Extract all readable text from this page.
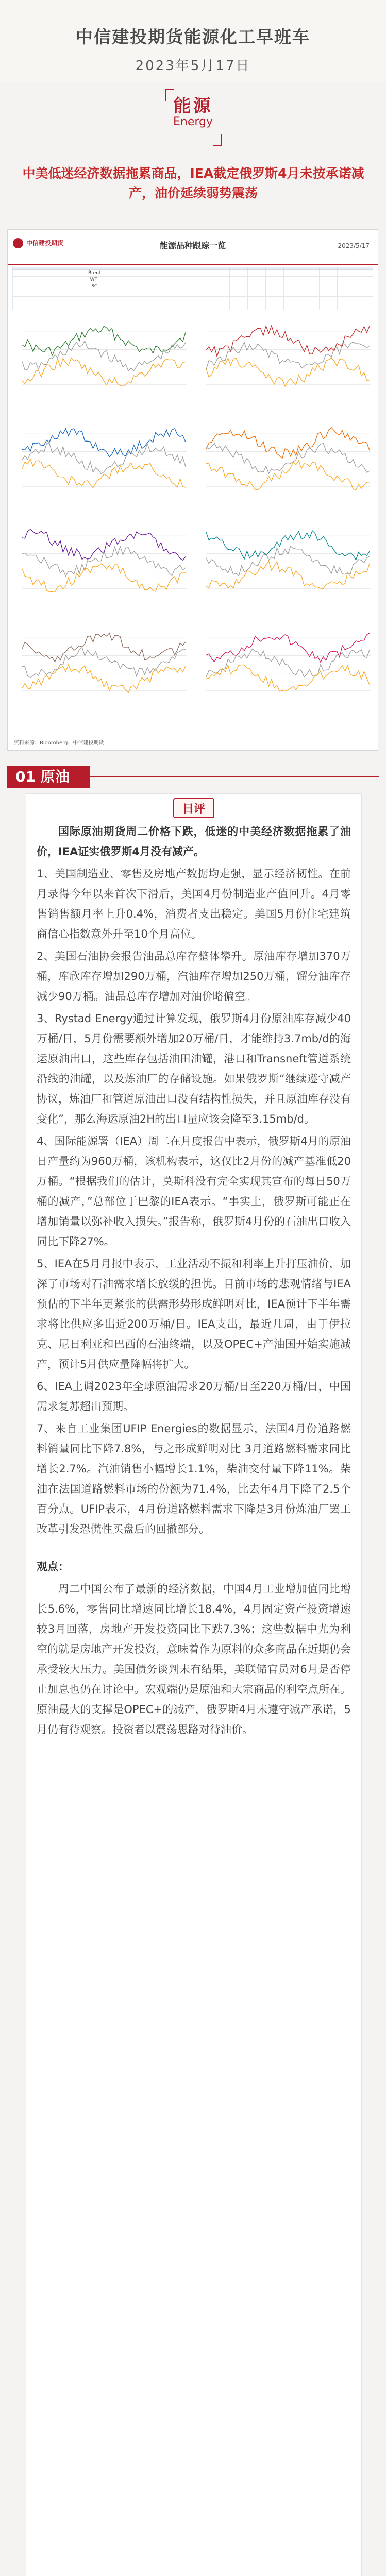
中信建投期货能源化工早班车
2023年5月17日
能源
Energy
中美低迷经济数据拖累商品，IEA截定俄罗斯4月未按承诺减产，油价延续弱势震荡
中信建投期货	能源品种跟踪一览	2023/5/17

Brent											
WTI											
SC											

资料来源：Bloomberg，中信建投期货
01 原油
日评

国际原油期货周二价格下跌，低迷的中美经济数据拖累了油价，IEA证实俄罗斯4月没有减产。

1、美国制造业、零售及房地产数据均走强，显示经济韧性。在前月录得今年以来首次下滑后，美国4月份制造业产值回升。4月零售销售额月率上升0.4%，消费者支出稳定。美国5月份住宅建筑商信心指数意外升至10个月高位。

2、美国石油协会报告油品总库存整体攀升。原油库存增加370万桶，库欣库存增加290万桶，汽油库存增加250万桶，馏分油库存减少90万桶。油品总库存增加对油价略偏空。

3、Rystad Energy通过计算发现，俄罗斯4月份原油库存减少40万桶/日，5月份需要额外增加20万桶/日，才能维持3.7mb/d的海运原油出口，这些库存包括油田油罐，港口和Transneft管道系统沿线的油罐，以及炼油厂的存储设施。如果俄罗斯“继续遵守减产协议，炼油厂和管道原油出口没有结构性损失，并且原油库存没有变化”，那么海运原油2H的出口量应该会降至3.15mb/d。

4、国际能源署（IEA）周二在月度报告中表示，俄罗斯4月的原油日产量约为960万桶，该机构表示，这仅比2月份的减产基准低20万桶。“根据我们的估计，莫斯科没有完全实现其宣布的每日50万桶的减产，”总部位于巴黎的IEA表示。“事实上，俄罗斯可能正在增加销量以弥补收入损失。”报告称，俄罗斯4月份的石油出口收入同比下降27%。

5、IEA在5月月报中表示，工业活动不振和利率上升打压油价，加深了市场对石油需求增长放缓的担忧。目前市场的悲观情绪与IEA预估的下半年更紧张的供需形势形成鲜明对比，IEA预计下半年需求将比供应多出近200万桶/日。IEA支出，最近几周，由于伊拉克、尼日利亚和巴西的石油终端，以及OPEC+产油国开始实施减产，预计5月供应量降幅将扩大。

6、IEA上调2023年全球原油需求20万桶/日至220万桶/日，中国需求复苏超出预期。

7、来自工业集团UFIP Energies的数据显示，法国4月份道路燃料销量同比下降7.8%，与之形成鲜明对比 3月道路燃料需求同比增长2.7%。汽油销售小幅增长1.1%，柴油交付量下降11%。柴油在法国道路燃料市场的份额为71.4%，比去年4月下降了2.5个百分点。UFIP表示，4月份道路燃料需求下降是3月份炼油厂罢工改革引发恐慌性买盘后的回撤部分。

观点：

周二中国公布了最新的经济数据，中国4月工业增加值同比增长5.6%，零售同比增速同比增长18.4%，4月固定资产投资增速较3月回落，房地产开发投资同比下跌7.3%；这些数据中尤为利空的就是房地产开发投资，意味着作为原料的众多商品在近期仍会承受较大压力。美国债务谈判未有结果，美联储官员对6月是否停止加息也仍在讨论中。宏观端仍是原油和大宗商品的利空点所在。原油最大的支撑是OPEC+的减产，俄罗斯4月未遵守减产承诺，5月仍有待观察。投资者以震荡思路对待油价。
